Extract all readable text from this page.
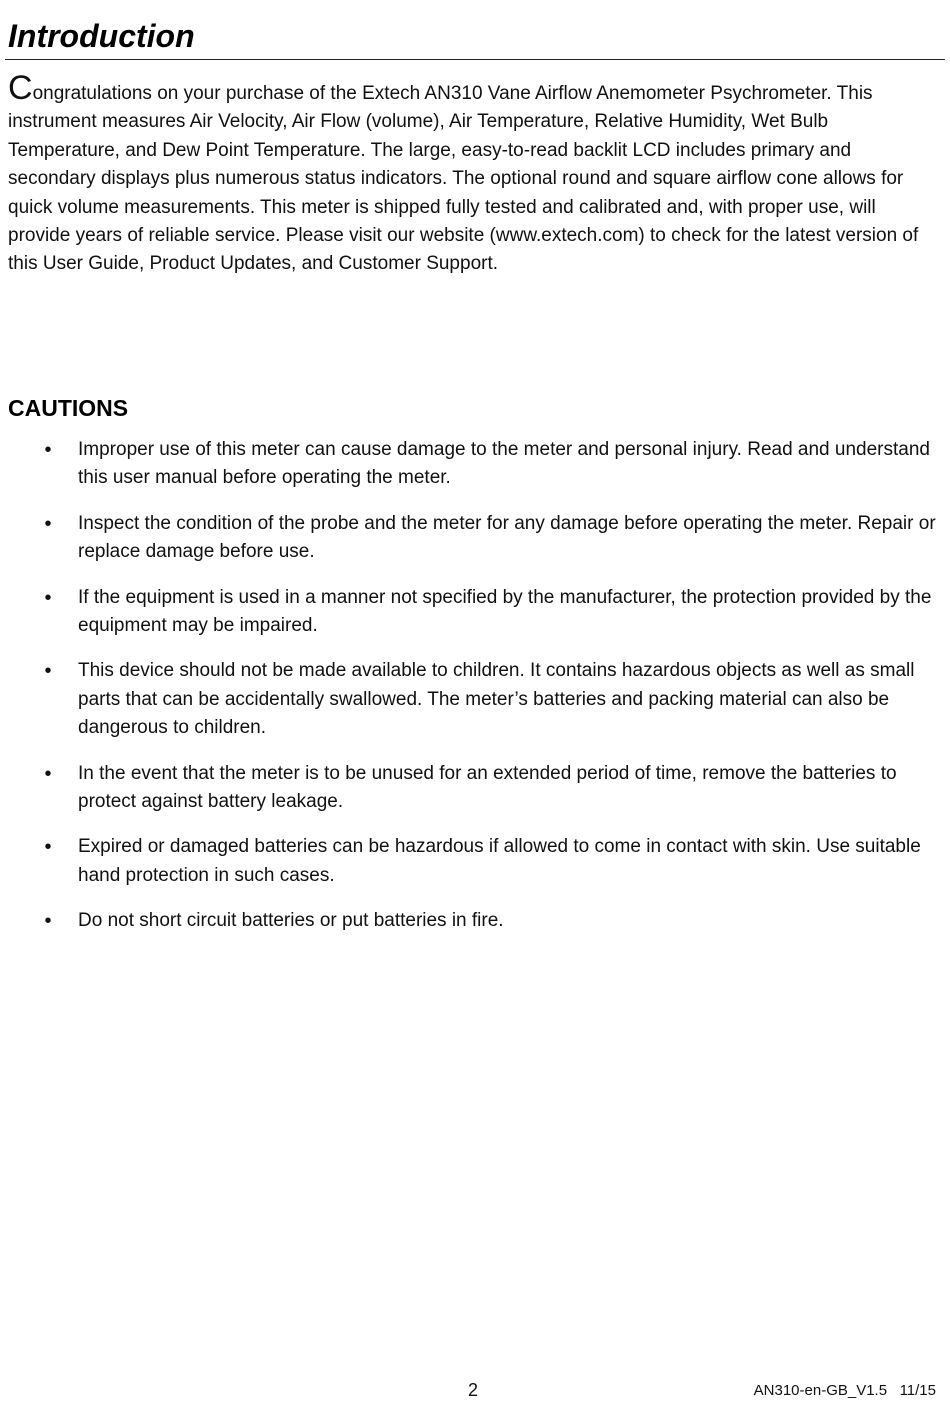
Introduction

Congratulations on your purchase of the Extech AN310 Vane Airflow Anemometer Psychrometer. This instrument measures Air Velocity, Air Flow (volume), Air Temperature, Relative Humidity, Wet Bulb Temperature, and Dew Point Temperature. The large, easy-to-read backlit LCD includes primary and secondary displays plus numerous status indicators. The optional round and square airflow cone allows for quick volume measurements. This meter is shipped fully tested and calibrated and, with proper use, will provide years of reliable service. Please visit our website (www.extech.com) to check for the latest version of this User Guide, Product Updates, and Customer Support.

CAUTIONS
• Improper use of this meter can cause damage to the meter and personal injury. Read and understand this user manual before operating the meter.
• Inspect the condition of the probe and the meter for any damage before operating the meter. Repair or replace damage before use.
• If the equipment is used in a manner not specified by the manufacturer, the protection provided by the equipment may be impaired.
• This device should not be made available to children. It contains hazardous objects as well as small parts that can be accidentally swallowed. The meter’s batteries and packing material can also be dangerous to children.
• In the event that the meter is to be unused for an extended period of time, remove the batteries to protect against battery leakage.
• Expired or damaged batteries can be hazardous if allowed to come in contact with skin. Use suitable hand protection in such cases.
• Do not short circuit batteries or put batteries in fire.
2	AN310-en-GB_V1.5   11/15
